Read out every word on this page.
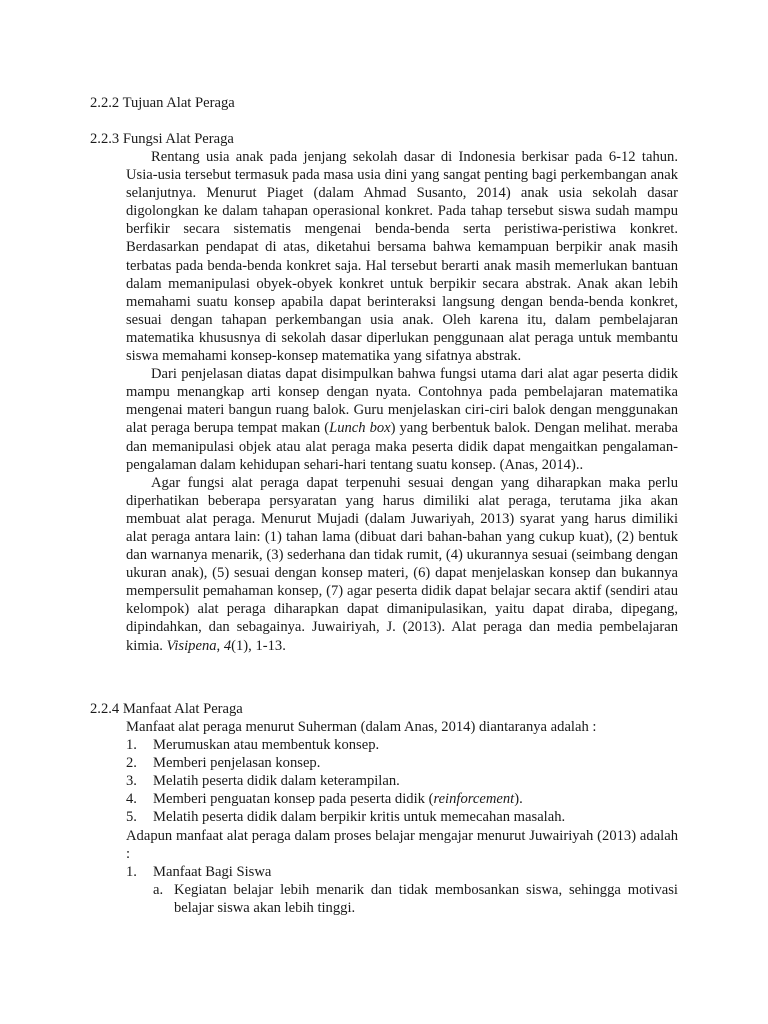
2.2.2 Tujuan Alat Peraga
2.2.3 Fungsi Alat Peraga

Rentang usia anak pada jenjang sekolah dasar di Indonesia berkisar pada 6-12 tahun. Usia-usia tersebut termasuk pada masa usia dini yang sangat penting bagi perkembangan anak selanjutnya. Menurut Piaget (dalam Ahmad Susanto, 2014) anak usia sekolah dasar digolongkan ke dalam tahapan operasional konkret. Pada tahap tersebut siswa sudah mampu berfikir secara sistematis mengenai benda-benda serta peristiwa-peristiwa konkret. Berdasarkan pendapat di atas, diketahui bersama bahwa kemampuan berpikir anak masih terbatas pada benda-benda konkret saja. Hal tersebut berarti anak masih memerlukan bantuan dalam memanipulasi obyek-obyek konkret untuk berpikir secara abstrak. Anak akan lebih memahami suatu konsep apabila dapat berinteraksi langsung dengan benda-benda konkret, sesuai dengan tahapan perkembangan usia anak. Oleh karena itu, dalam pembelajaran matematika khususnya di sekolah dasar diperlukan penggunaan alat peraga untuk membantu siswa memahami konsep-konsep matematika yang sifatnya abstrak.

Dari penjelasan diatas dapat disimpulkan bahwa fungsi utama dari alat agar peserta didik mampu menangkap arti konsep dengan nyata. Contohnya pada pembelajaran matematika mengenai materi bangun ruang balok. Guru menjelaskan ciri-ciri balok dengan menggunakan alat peraga berupa tempat makan (Lunch box) yang berbentuk balok. Dengan melihat. meraba dan memanipulasi objek atau alat peraga maka peserta didik dapat mengaitkan pengalaman-pengalaman dalam kehidupan sehari-hari tentang suatu konsep. (Anas, 2014)..

Agar fungsi alat peraga dapat terpenuhi sesuai dengan yang diharapkan maka perlu diperhatikan beberapa persyaratan yang harus dimiliki alat peraga, terutama jika akan membuat alat peraga. Menurut Mujadi (dalam Juwariyah, 2013) syarat yang harus dimiliki alat peraga antara lain: (1) tahan lama (dibuat dari bahan-bahan yang cukup kuat), (2) bentuk dan warnanya menarik, (3) sederhana dan tidak rumit, (4) ukurannya sesuai (seimbang dengan ukuran anak), (5) sesuai dengan konsep materi, (6) dapat menjelaskan konsep dan bukannya mempersulit pemahaman konsep, (7) agar peserta didik dapat belajar secara aktif (sendiri atau kelompok) alat peraga diharapkan dapat dimanipulasikan, yaitu dapat diraba, dipegang, dipindahkan, dan sebagainya. Juwairiyah, J. (2013). Alat peraga dan media pembelajaran kimia. Visipena, 4(1), 1-13.

2.2.4 Manfaat Alat Peraga

Manfaat alat peraga menurut Suherman (dalam Anas, 2014) diantaranya adalah :

1. Merumuskan atau membentuk konsep.
2. Memberi penjelasan konsep.
3. Melatih peserta didik dalam keterampilan.
4. Memberi penguatan konsep pada peserta didik (reinforcement).
5. Melatih peserta didik dalam berpikir kritis untuk memecahan masalah.

Adapun manfaat alat peraga dalam proses belajar mengajar menurut Juwairiyah (2013) adalah :

1. Manfaat Bagi Siswa
a. Kegiatan belajar lebih menarik dan tidak membosankan siswa, sehingga motivasi belajar siswa akan lebih tinggi.
